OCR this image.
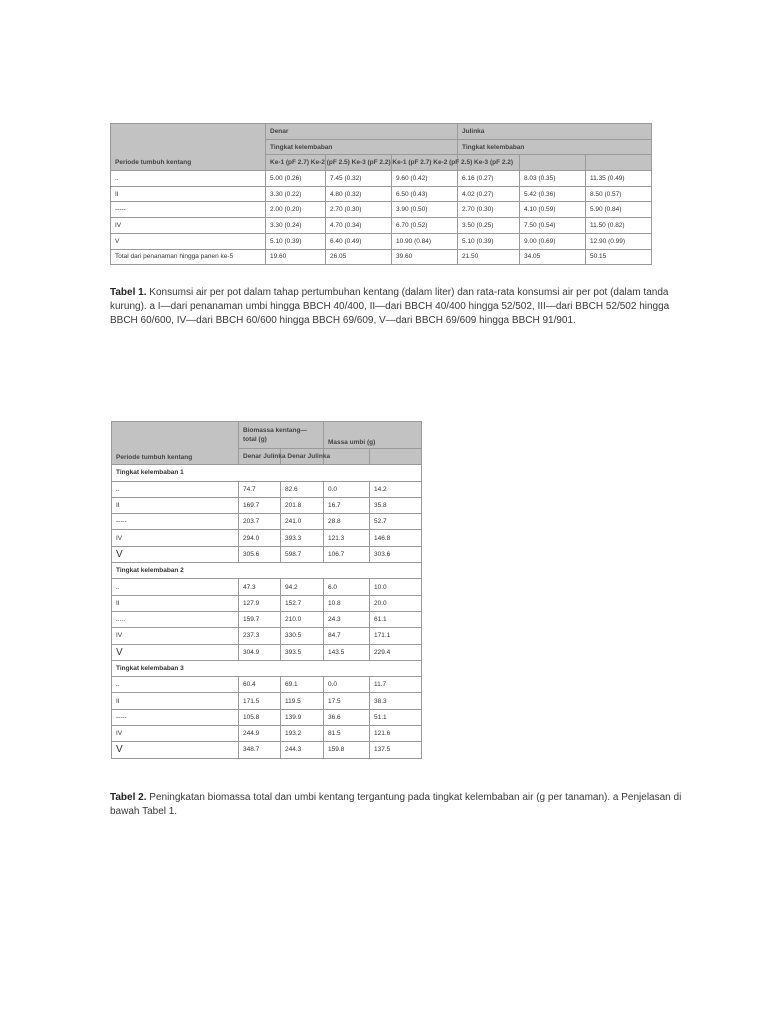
Periode tumbuh kentang	Denar			Julinka		
	Tingkat kelembaban			Tingkat kelembaban		
	Ke-1 (pF 2.7) Ke-2 (pF 2.5) Ke-3 (pF 2.2) Ke-1 (pF 2.7) Ke-2 (pF 2.5) Ke-3 (pF 2.2)					
..	5.00 (0.26)	7.45 (0.32)	9.60 (0.42)	6.16 (0.27)	8.03 (0.35)	11.35 (0.49)
II	3.30 (0.22)	4.80 (0.32)	6.50 (0.43)	4.02 (0.27)	5.42 (0.36)	8.50 (0.57)
-----	2.00 (0.20)	2.70 (0.30)	3.90 (0.50)	2.70 (0.30)	4.10 (0.59)	5.90 (0.84)
IV	3.30 (0.24)	4.70 (0.34)	6.70 (0.52)	3.50 (0.25)	7.50 (0.54)	11.50 (0.82)
V	5.10 (0.39)	6.40 (0.49)	10.90 (0.84)	5.10 (0.39)	9.00 (0.69)	12.90 (0.99)
Total dari penanaman hingga panen ke-5	19.60	26.05	39.60	21.50	34.05	50.15
Tabel 1. Konsumsi air per pot dalam tahap pertumbuhan kentang (dalam liter) dan rata-rata konsumsi air per pot (dalam tanda kurung). a I—dari penanaman umbi hingga BBCH 40/400, II—dari BBCH 40/400 hingga 52/502, III—dari BBCH 52/502 hingga BBCH 60/600, IV—dari BBCH 60/600 hingga BBCH 69/609, V—dari BBCH 69/609 hingga BBCH 91/901.
Periode tumbuh kentang	Biomassa kentang—
total (g)		Massa umbi (g)	
	Denar Julinka Denar Julinka			
Tingkat kelembaban 1				
..	74.7	82.6	0.0	14.2
II	169.7	201.8	16.7	35.8
-----	203.7	241.0	28.8	52.7
IV	294.0	393.3	121.3	146.8
V	305.6	598.7	106.7	303.6
Tingkat kelembaban 2				
..	47.3	94.2	6.0	10.0
II	127.9	152.7	10.8	20.0
.....	159.7	210.0	24.3	61.1
IV	237.3	330.5	84.7	171.1
V	304.9	393.5	143.5	229.4
Tingkat kelembaban 3				
..	60.4	69.1	0.0	11.7
II	171.5	119.5	17.5	38.3
-----	105.8	139.9	36.6	51.1
IV	244.9	193.2	81.5	121.6
V	348.7	244.3	159.8	137.5
Tabel 2. Peningkatan biomassa total dan umbi kentang tergantung pada tingkat kelembaban air (g per tanaman). a Penjelasan di bawah Tabel 1.
